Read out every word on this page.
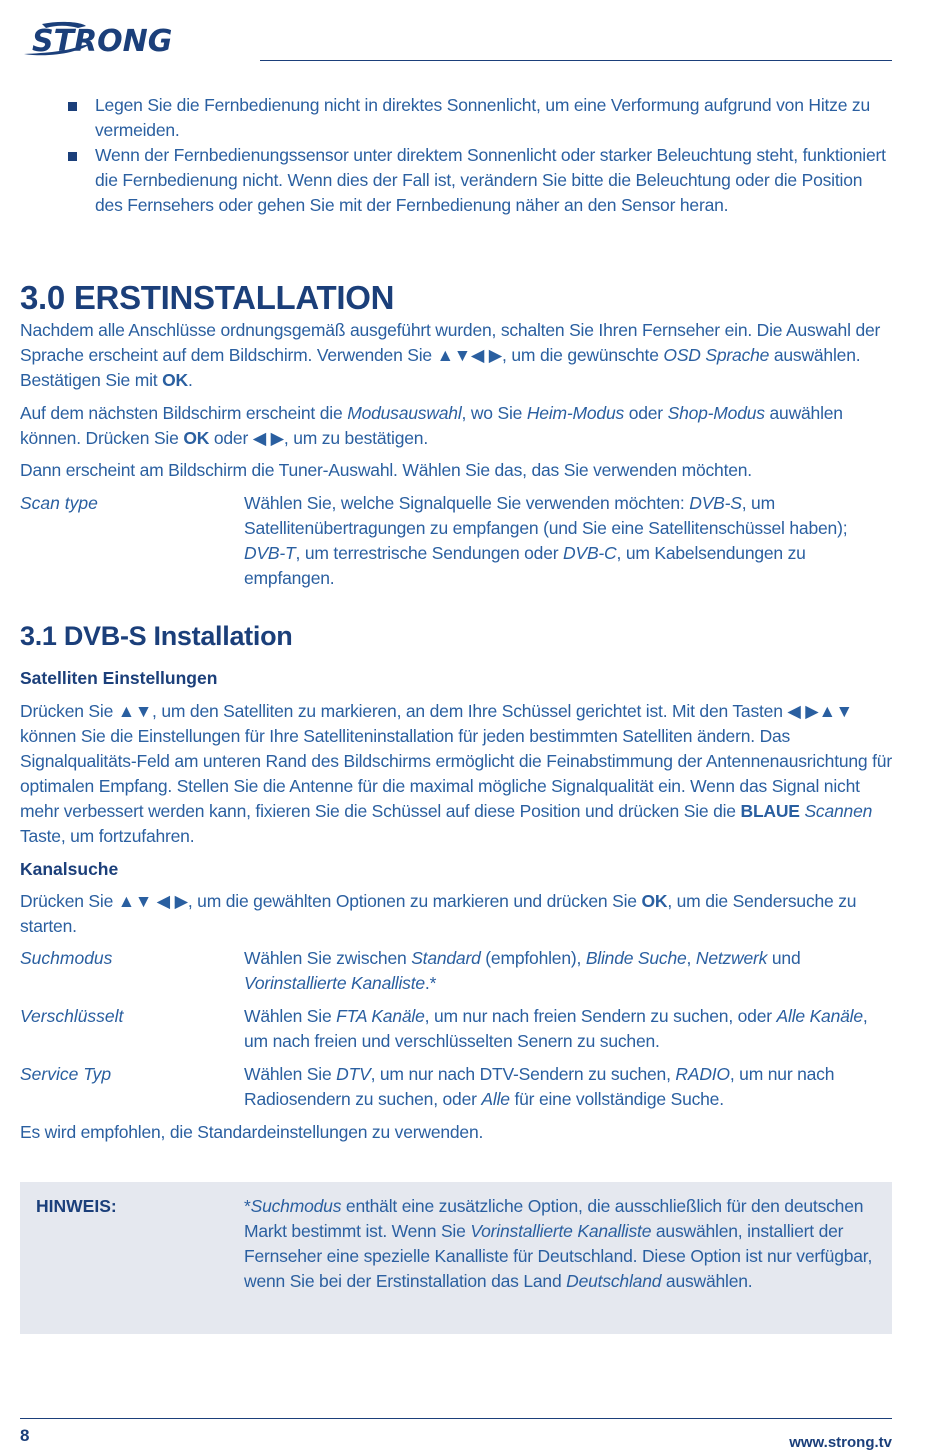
STRONG
Legen Sie die Fernbedienung nicht in direktes Sonnenlicht, um eine Verformung aufgrund von Hitze zu vermeiden.
Wenn der Fernbedienungssensor unter direktem Sonnenlicht oder starker Beleuchtung steht, funktioniert die Fernbedienung nicht. Wenn dies der Fall ist, verändern Sie bitte die Beleuchtung oder die Position des Fernsehers oder gehen Sie mit der Fernbedienung näher an den Sensor heran.
3.0 ERSTINSTALLATION

Nachdem alle Anschlüsse ordnungsgemäß ausgeführt wurden, schalten Sie Ihren Fernseher ein. Die Auswahl der Sprache erscheint auf dem Bildschirm. Verwenden Sie ▲▼◀ ▶, um die gewünschte OSD Sprache auswählen. Bestätigen Sie mit OK.

Auf dem nächsten Bildschirm erscheint die Modusauswahl, wo Sie Heim-Modus oder Shop-Modus auwählen können. Drücken Sie OK oder ◀ ▶, um zu bestätigen.

Dann erscheint am Bildschirm die Tuner-Auswahl. Wählen Sie das, das Sie verwenden möchten.

Scan type	Wählen Sie, welche Signalquelle Sie verwenden möchten: DVB-S, um Satellitenübertragungen zu empfangen (und Sie eine Satellitenschüssel haben); DVB-T, um terrestrische Sendungen oder DVB-C, um Kabelsendungen zu empfangen.
3.1 DVB-S Installation
Satelliten Einstellungen

Drücken Sie ▲▼, um den Satelliten zu markieren, an dem Ihre Schüssel gerichtet ist. Mit den Tasten ◀ ▶▲▼ können Sie die Einstellungen für Ihre Satelliteninstallation für jeden bestimmten Satelliten ändern. Das Signalqualitäts-Feld am unteren Rand des Bildschirms ermöglicht die Feinabstimmung der Antennenausrichtung für optimalen Empfang. Stellen Sie die Antenne für die maximal mögliche Signalqualität ein. Wenn das Signal nicht mehr verbessert werden kann, fixieren Sie die Schüssel auf diese Position und drücken Sie die BLAUE Scannen Taste, um fortzufahren.

Kanalsuche

Drücken Sie ▲▼ ◀ ▶, um die gewählten Optionen zu markieren und drücken Sie OK, um die Sendersuche zu starten.

Suchmodus	Wählen Sie zwischen Standard (empfohlen), Blinde Suche, Netzwerk und Vorinstallierte Kanalliste.*
Verschlüsselt	Wählen Sie FTA Kanäle, um nur nach freien Sendern zu suchen, oder Alle Kanäle, um nach freien und verschlüsselten Senern zu suchen.
Service Typ	Wählen Sie DTV, um nur nach DTV-Sendern zu suchen, RADIO, um nur nach Radiosendern zu suchen, oder Alle für eine vollständige Suche.

Es wird empfohlen, die Standardeinstellungen zu verwenden.

HINWEIS:	*Suchmodus enthält eine zusätzliche Option, die ausschließlich für den deutschen Markt bestimmt ist. Wenn Sie Vorinstallierte Kanalliste auswählen, installiert der Fernseher eine spezielle Kanalliste für Deutschland. Diese Option ist nur verfügbar, wenn Sie bei der Erstinstallation das Land Deutschland auswählen.
8	www.strong.tv
